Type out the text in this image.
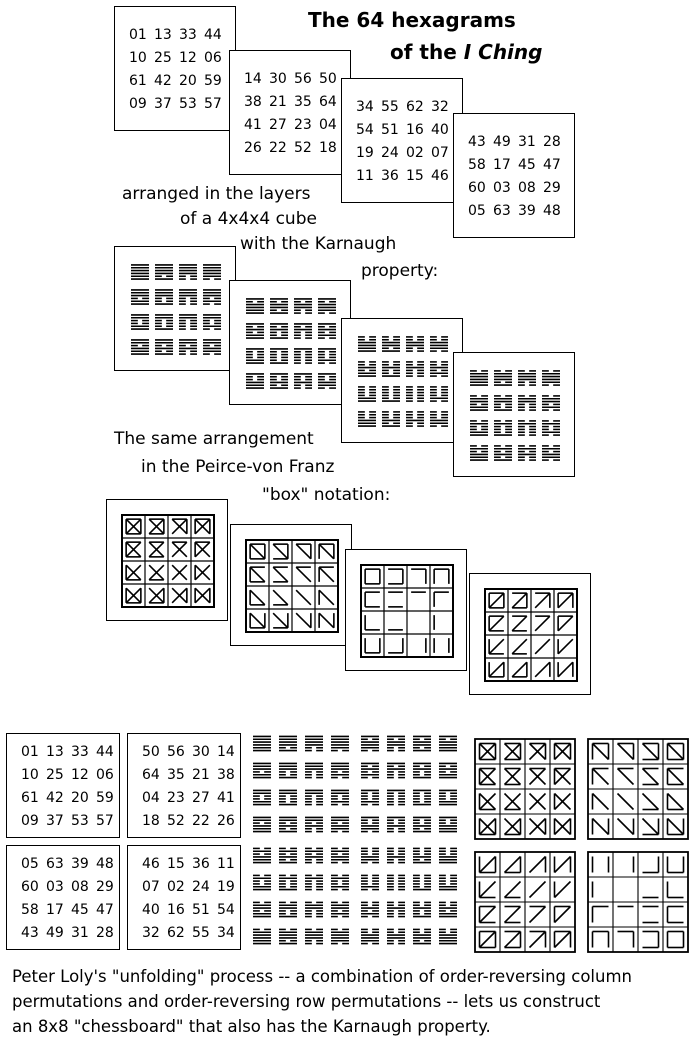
The 64 hexagrams
of the I Ching
01 13 33 44
10 25 12 06
61 42 20 59
09 37 53 57
14 30 56 50
38 21 35 64
41 27 23 04
26 22 52 18
34 55 62 32
54 51 16 40
19 24 02 07
11 36 15 46
43 49 31 28
58 17 45 47
60 03 08 29
05 63 39 48
arranged in the layers
of a 4x4x4 cube
with the Karnaugh
property:
The same arrangement
in the Peirce-von Franz
"box" notation:
01 13 33 44
10 25 12 06
61 42 20 59
09 37 53 57
50 56 30 14
64 35 21 38
04 23 27 41
18 52 22 26
05 63 39 48
60 03 08 29
58 17 45 47
43 49 31 28
46 15 36 11
07 02 24 19
40 16 51 54
32 62 55 34
Peter Loly's "unfolding" process -- a combination of order-reversing column
permutations and order-reversing row permutations -- lets us construct
an 8x8 "chessboard" that also has the Karnaugh property.
